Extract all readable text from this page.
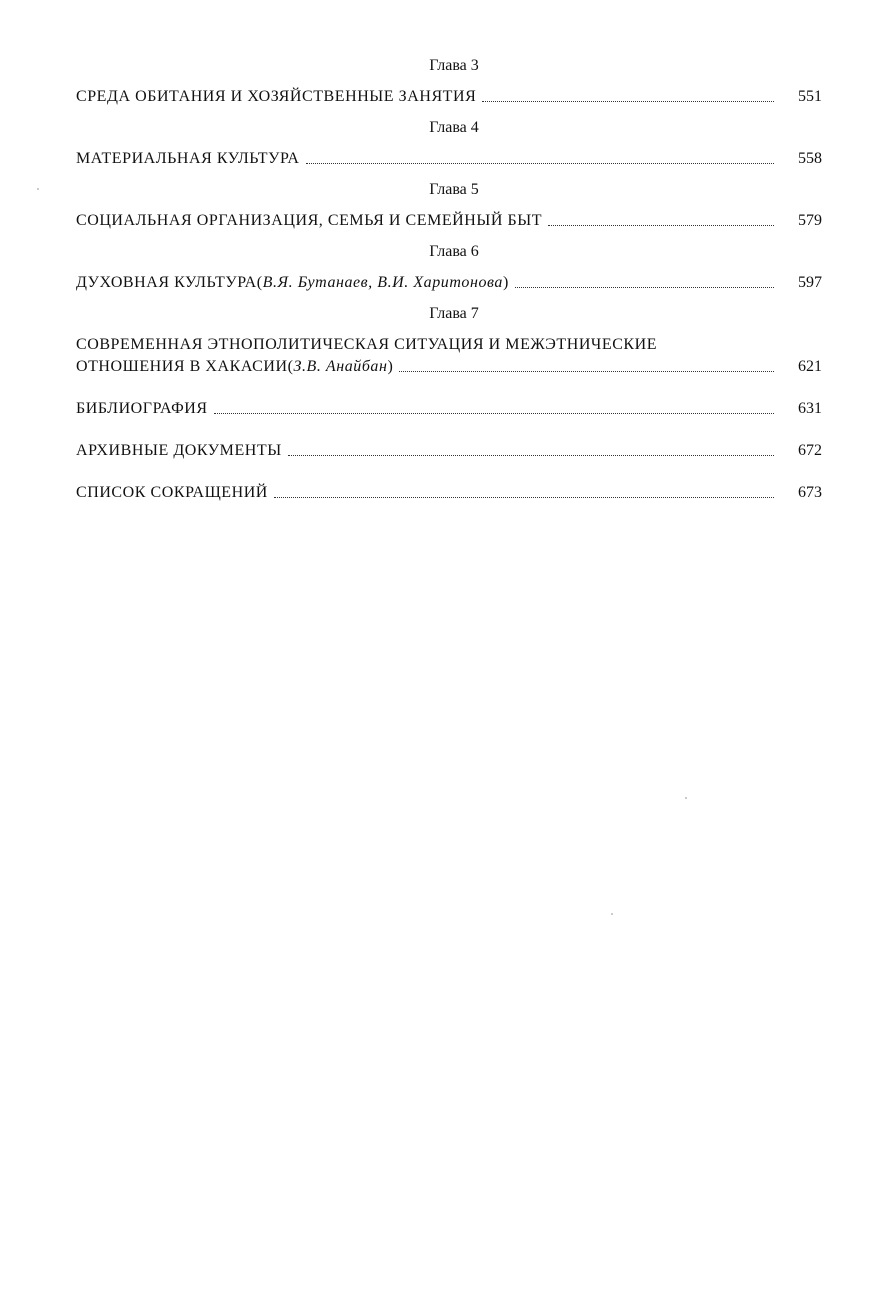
Глава 3
СРЕДА ОБИТАНИЯ И ХОЗЯЙСТВЕННЫЕ ЗАНЯТИЯ	551
Глава 4
МАТЕРИАЛЬНАЯ КУЛЬТУРА	558
Глава 5
СОЦИАЛЬНАЯ ОРГАНИЗАЦИЯ, СЕМЬЯ И СЕМЕЙНЫЙ БЫТ	579
Глава 6
ДУХОВНАЯ КУЛЬТУРА (В.Я. Бутанаев, В.И. Харитонова)	597
Глава 7
СОВРЕМЕННАЯ ЭТНОПОЛИТИЧЕСКАЯ СИТУАЦИЯ И МЕЖЭТНИЧЕСКИЕ
ОТНОШЕНИЯ В ХАКАСИИ (З.В. Анайбан)	621
БИБЛИОГРАФИЯ	631
АРХИВНЫЕ ДОКУМЕНТЫ	672
СПИСОК СОКРАЩЕНИЙ	673
